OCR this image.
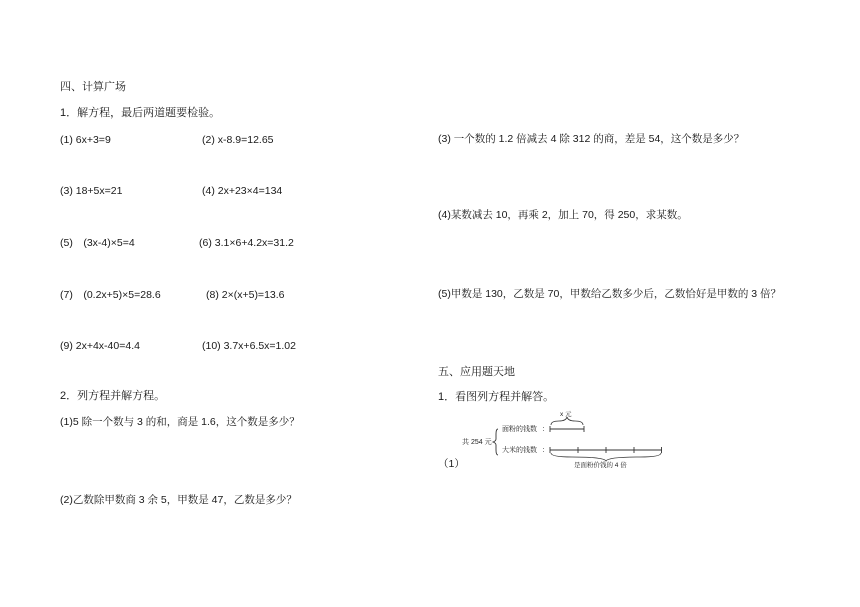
四、计算广场
1．解方程，最后两道题要检验。
(1) 6x+3=9	(2) x-8.9=12.65
(3) 18+5x=21	(4) 2x+23×4=134
(5)　(3x-4)×5=4	(6) 3.1×6+4.2x=31.2
(7)　(0.2x+5)×5=28.6	(8) 2×(x+5)=13.6
(9) 2x+4x-40=4.4	(10) 3.7x+6.5x=1.02
2．列方程并解方程。
(1)5 除一个数与 3 的和，商是 1.6，这个数是多少？
(2)乙数除甲数商 3 余 5，甲数是 47，乙数是多少？
(3) 一个数的 1.2 倍减去 4 除 312 的商，差是 54，这个数是多少？
(4)某数减去 10，再乘 2，加上 70，得 250，求某数。
(5)甲数是 130，乙数是 70，甲数给乙数多少后，乙数恰好是甲数的 3 倍？
五、应用题天地
1．看图列方程并解答。
（1）
共 254 元
面粉的钱数 ：
大米的钱数 ：
x 元
是面粉价钱的 4 倍
